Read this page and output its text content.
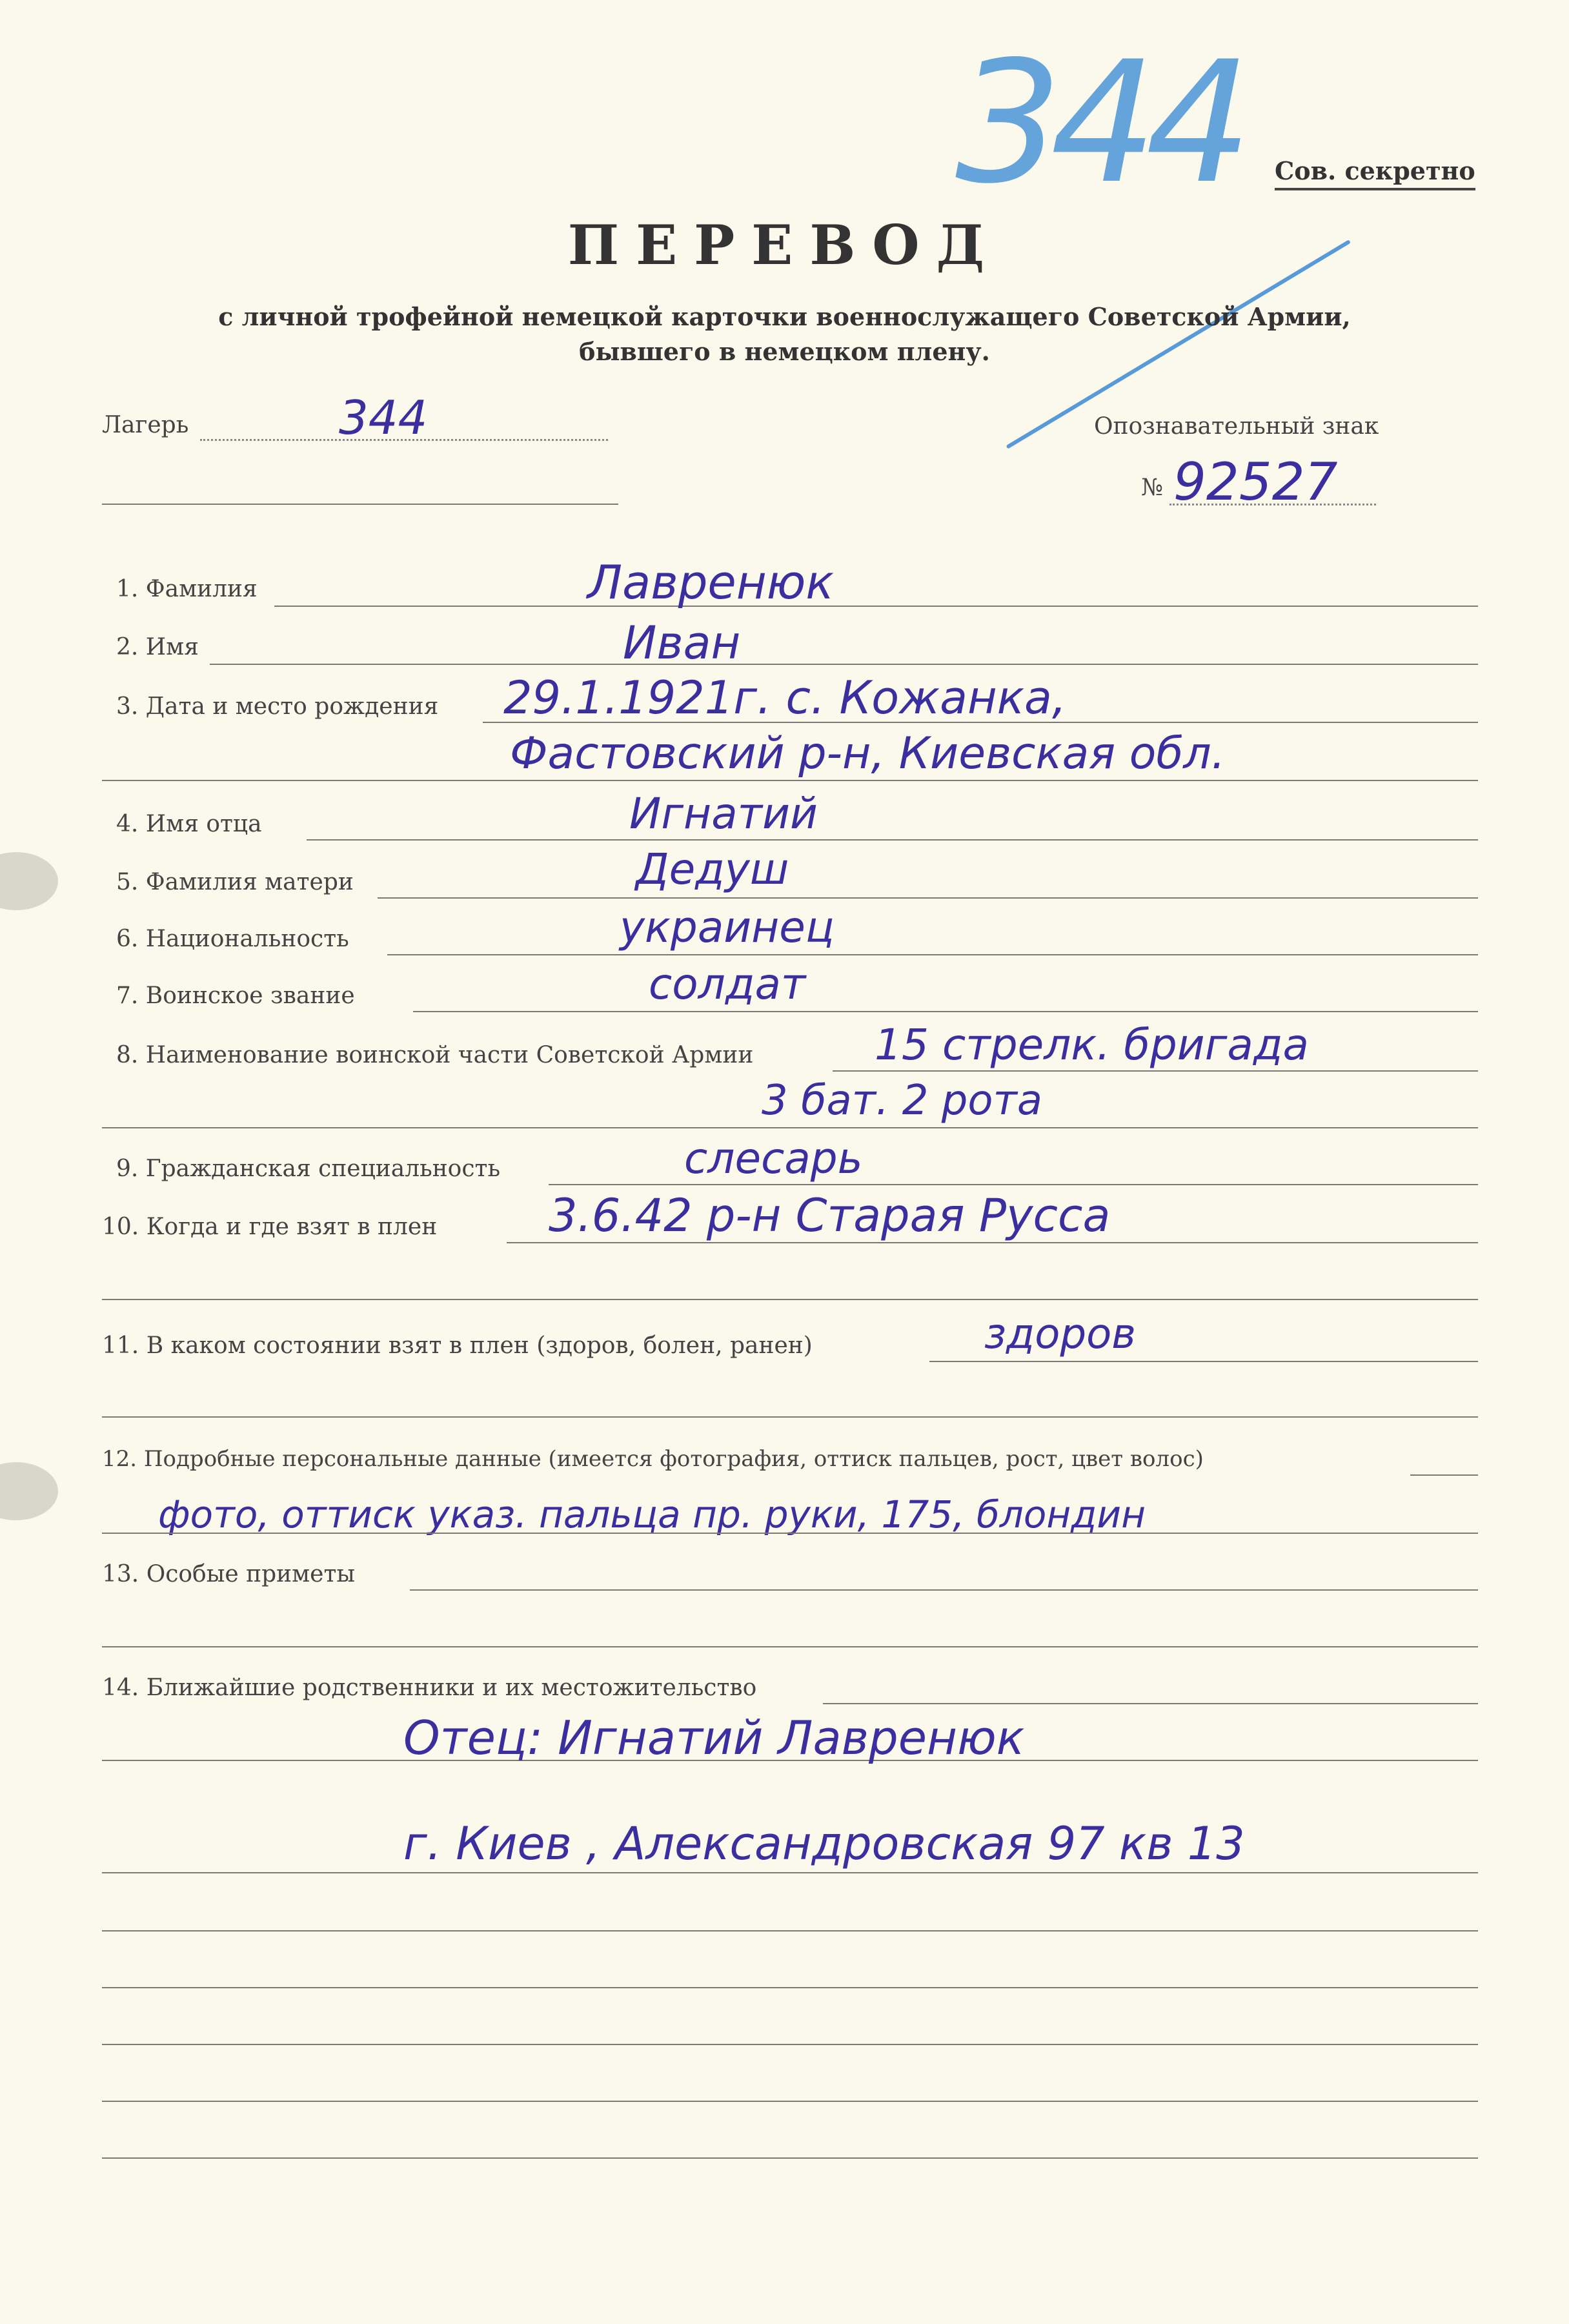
344 Сов. секретно
ПЕРЕВОД
с личной трофейной немецкой карточки военнослужащего Советской Армии,
бывшего в немецком плену.
Лагерь	344	Опознавательный знак
№ 92527
1. Фамилия	Лавренюк
2. Имя	Иван
3. Дата и место рождения 29.1.1921г. с. Кожанка,
Фастовский р-н, Киевская обл.
4. Имя отца	Игнатий
5. Фамилия матери	Дедуш
6. Национальность	украинец
7. Воинское звание	солдат
8. Наименование воинской части Советской Армии	15 стрелк. бригада
3 бат. 2 рота
9. Гражданская специальность	слесарь
10. Когда и где взят в плен 3.6.42 р-н Старая Русса
11. В каком состоянии взят в плен (здоров, болен, ранен)	здоров
12. Подробные персональные данные (имеется фотография, оттиск пальцев, рост, цвет волос)
фото, оттиск указ. пальца пр. руки, 175, блондин
13. Особые приметы
14. Ближайшие родственники и их местожительство
Отец: Игнатий Лавренюк
г. Киев , Александровская 97 кв 13
